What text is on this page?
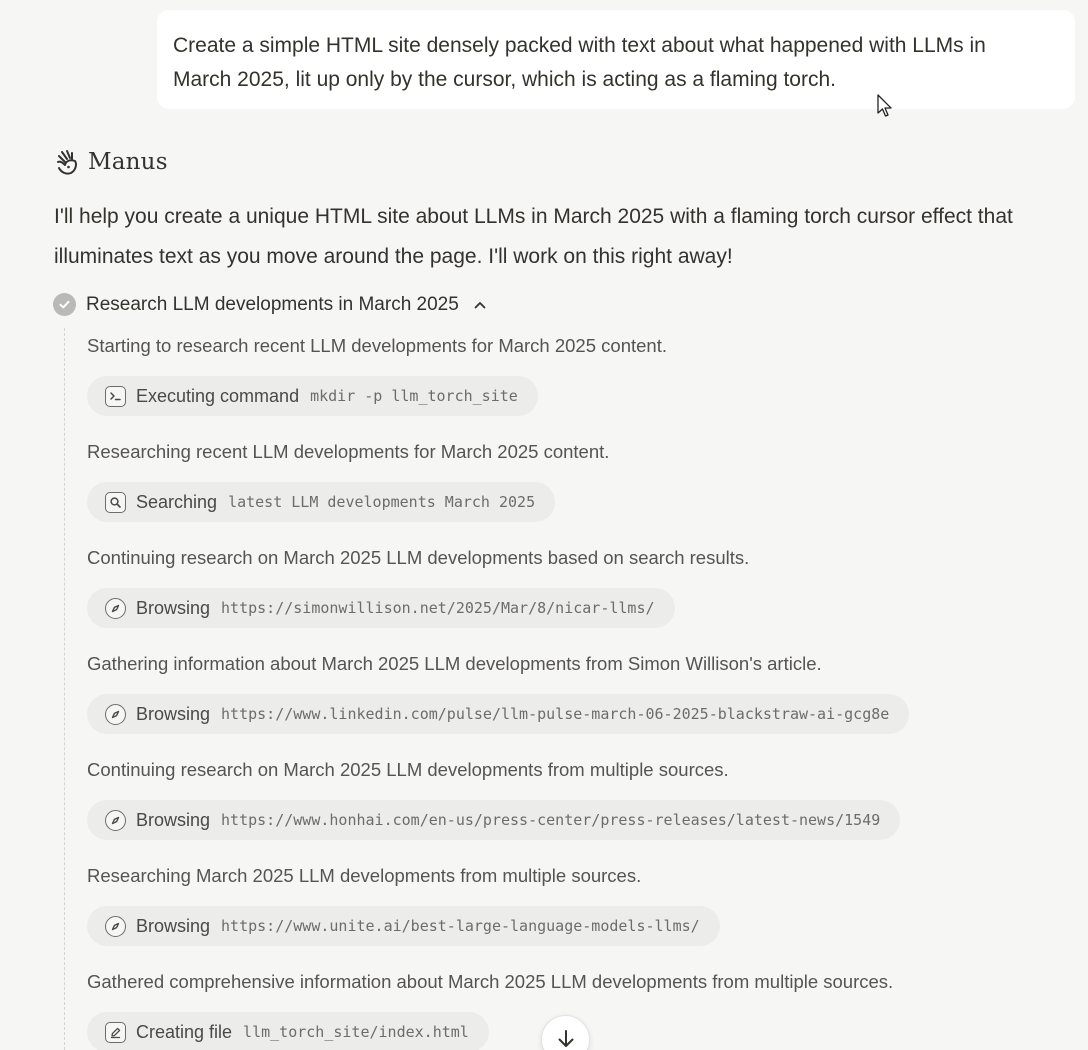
Create a simple HTML site densely packed with text about what happened with LLMs in
March 2025, lit up only by the cursor, which is acting as a flaming torch.
Manus
I'll help you create a unique HTML site about LLMs in March 2025 with a flaming torch cursor effect that
illuminates text as you move around the page. I'll work on this right away!
Research LLM developments in March 2025
Starting to research recent LLM developments for March 2025 content.
Executing command mkdir -p llm_torch_site
Researching recent LLM developments for March 2025 content.
Searching latest LLM developments March 2025
Continuing research on March 2025 LLM developments based on search results.
Browsing https://simonwillison.net/2025/Mar/8/nicar-llms/
Gathering information about March 2025 LLM developments from Simon Willison's article.
Browsing https://www.linkedin.com/pulse/llm-pulse-march-06-2025-blackstraw-ai-gcg8e
Continuing research on March 2025 LLM developments from multiple sources.
Browsing https://www.honhai.com/en-us/press-center/press-releases/latest-news/1549
Researching March 2025 LLM developments from multiple sources.
Browsing https://www.unite.ai/best-large-language-models-llms/
Gathered comprehensive information about March 2025 LLM developments from multiple sources.
Creating file llm_torch_site/index.html
